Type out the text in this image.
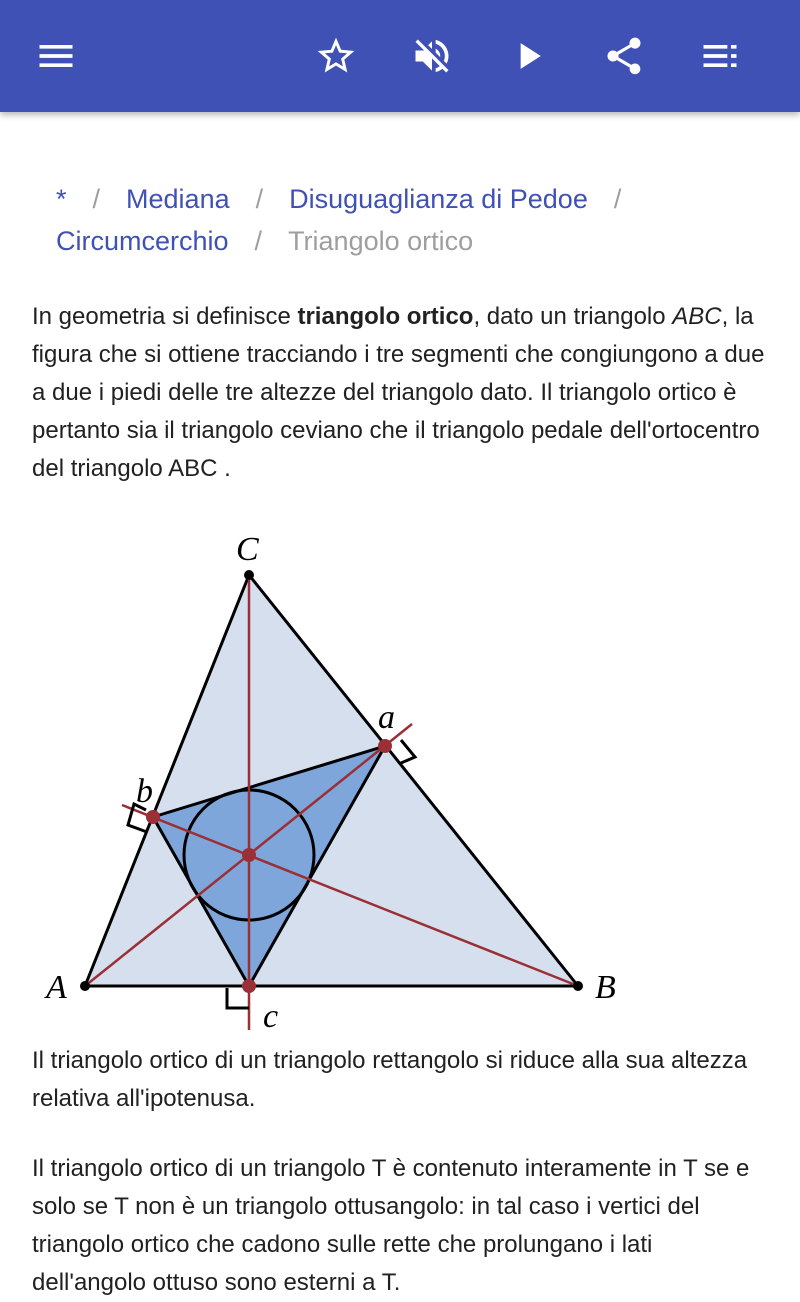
* / Mediana / Disuguaglianza di Pedoe /
Circumcerchio / Triangolo ortico
In geometria si definisce triangolo ortico, dato un triangolo ABC, la figura che si ottiene tracciando i tre segmenti che congiungono a due a due i piedi delle tre altezze del triangolo dato. Il triangolo ortico è pertanto sia il triangolo ceviano che il triangolo pedale dell'ortocentro del triangolo ABC .
C
A	B
a
b
c
Il triangolo ortico di un triangolo rettangolo si riduce alla sua altezza relativa all'ipotenusa.
Il triangolo ortico di un triangolo T è contenuto interamente in T se e solo se T non è un triangolo ottusangolo: in tal caso i vertici del triangolo ortico che cadono sulle rette che prolungano i lati dell'angolo ottuso sono esterni a T.
